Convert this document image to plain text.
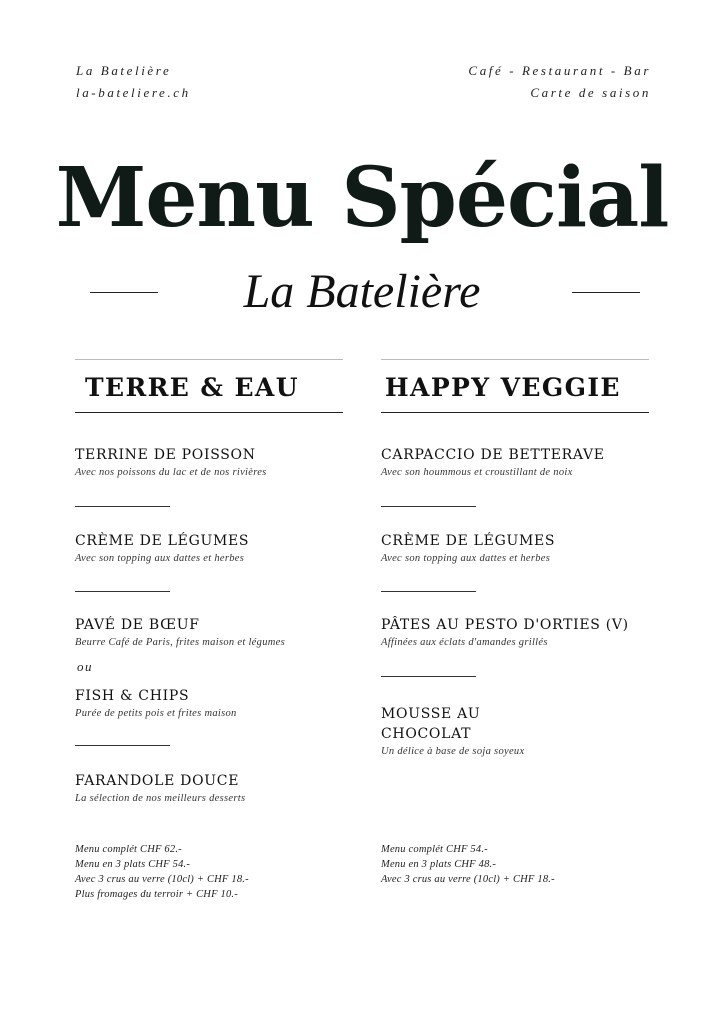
La Batelière
la-bateliere.ch
Café - Restaurant - Bar
Carte de saison
Menu Spécial
La Batelière
TERRE & EAU
TERRINE DE POISSON
Avec nos poissons du lac et de nos rivières
CRÈME DE LÉGUMES
Avec son topping aux dattes et herbes
PAVÉ DE BŒUF
Beurre Café de Paris, frites maison et légumes
ou
FISH & CHIPS
Purée de petits pois et frites maison
FARANDOLE DOUCE
La sélection de nos meilleurs desserts
Menu complét CHF 62.-
Menu en 3 plats CHF 54.-
Avec 3 crus au verre (10cl) + CHF 18.-
Plus fromages du terroir + CHF 10.-
HAPPY VEGGIE
CARPACCIO DE BETTERAVE
Avec son hoummous et croustillant de noix
CRÈME DE LÉGUMES
Avec son topping aux dattes et herbes
PÂTES AU PESTO D'ORTIES (V)
Affinées aux éclats d'amandes grillés
MOUSSE AU CHOCOLAT
Un délice à base de soja soyeux
Menu complét CHF 54.-
Menu en 3 plats CHF 48.-
Avec 3 crus au verre (10cl) + CHF 18.-
